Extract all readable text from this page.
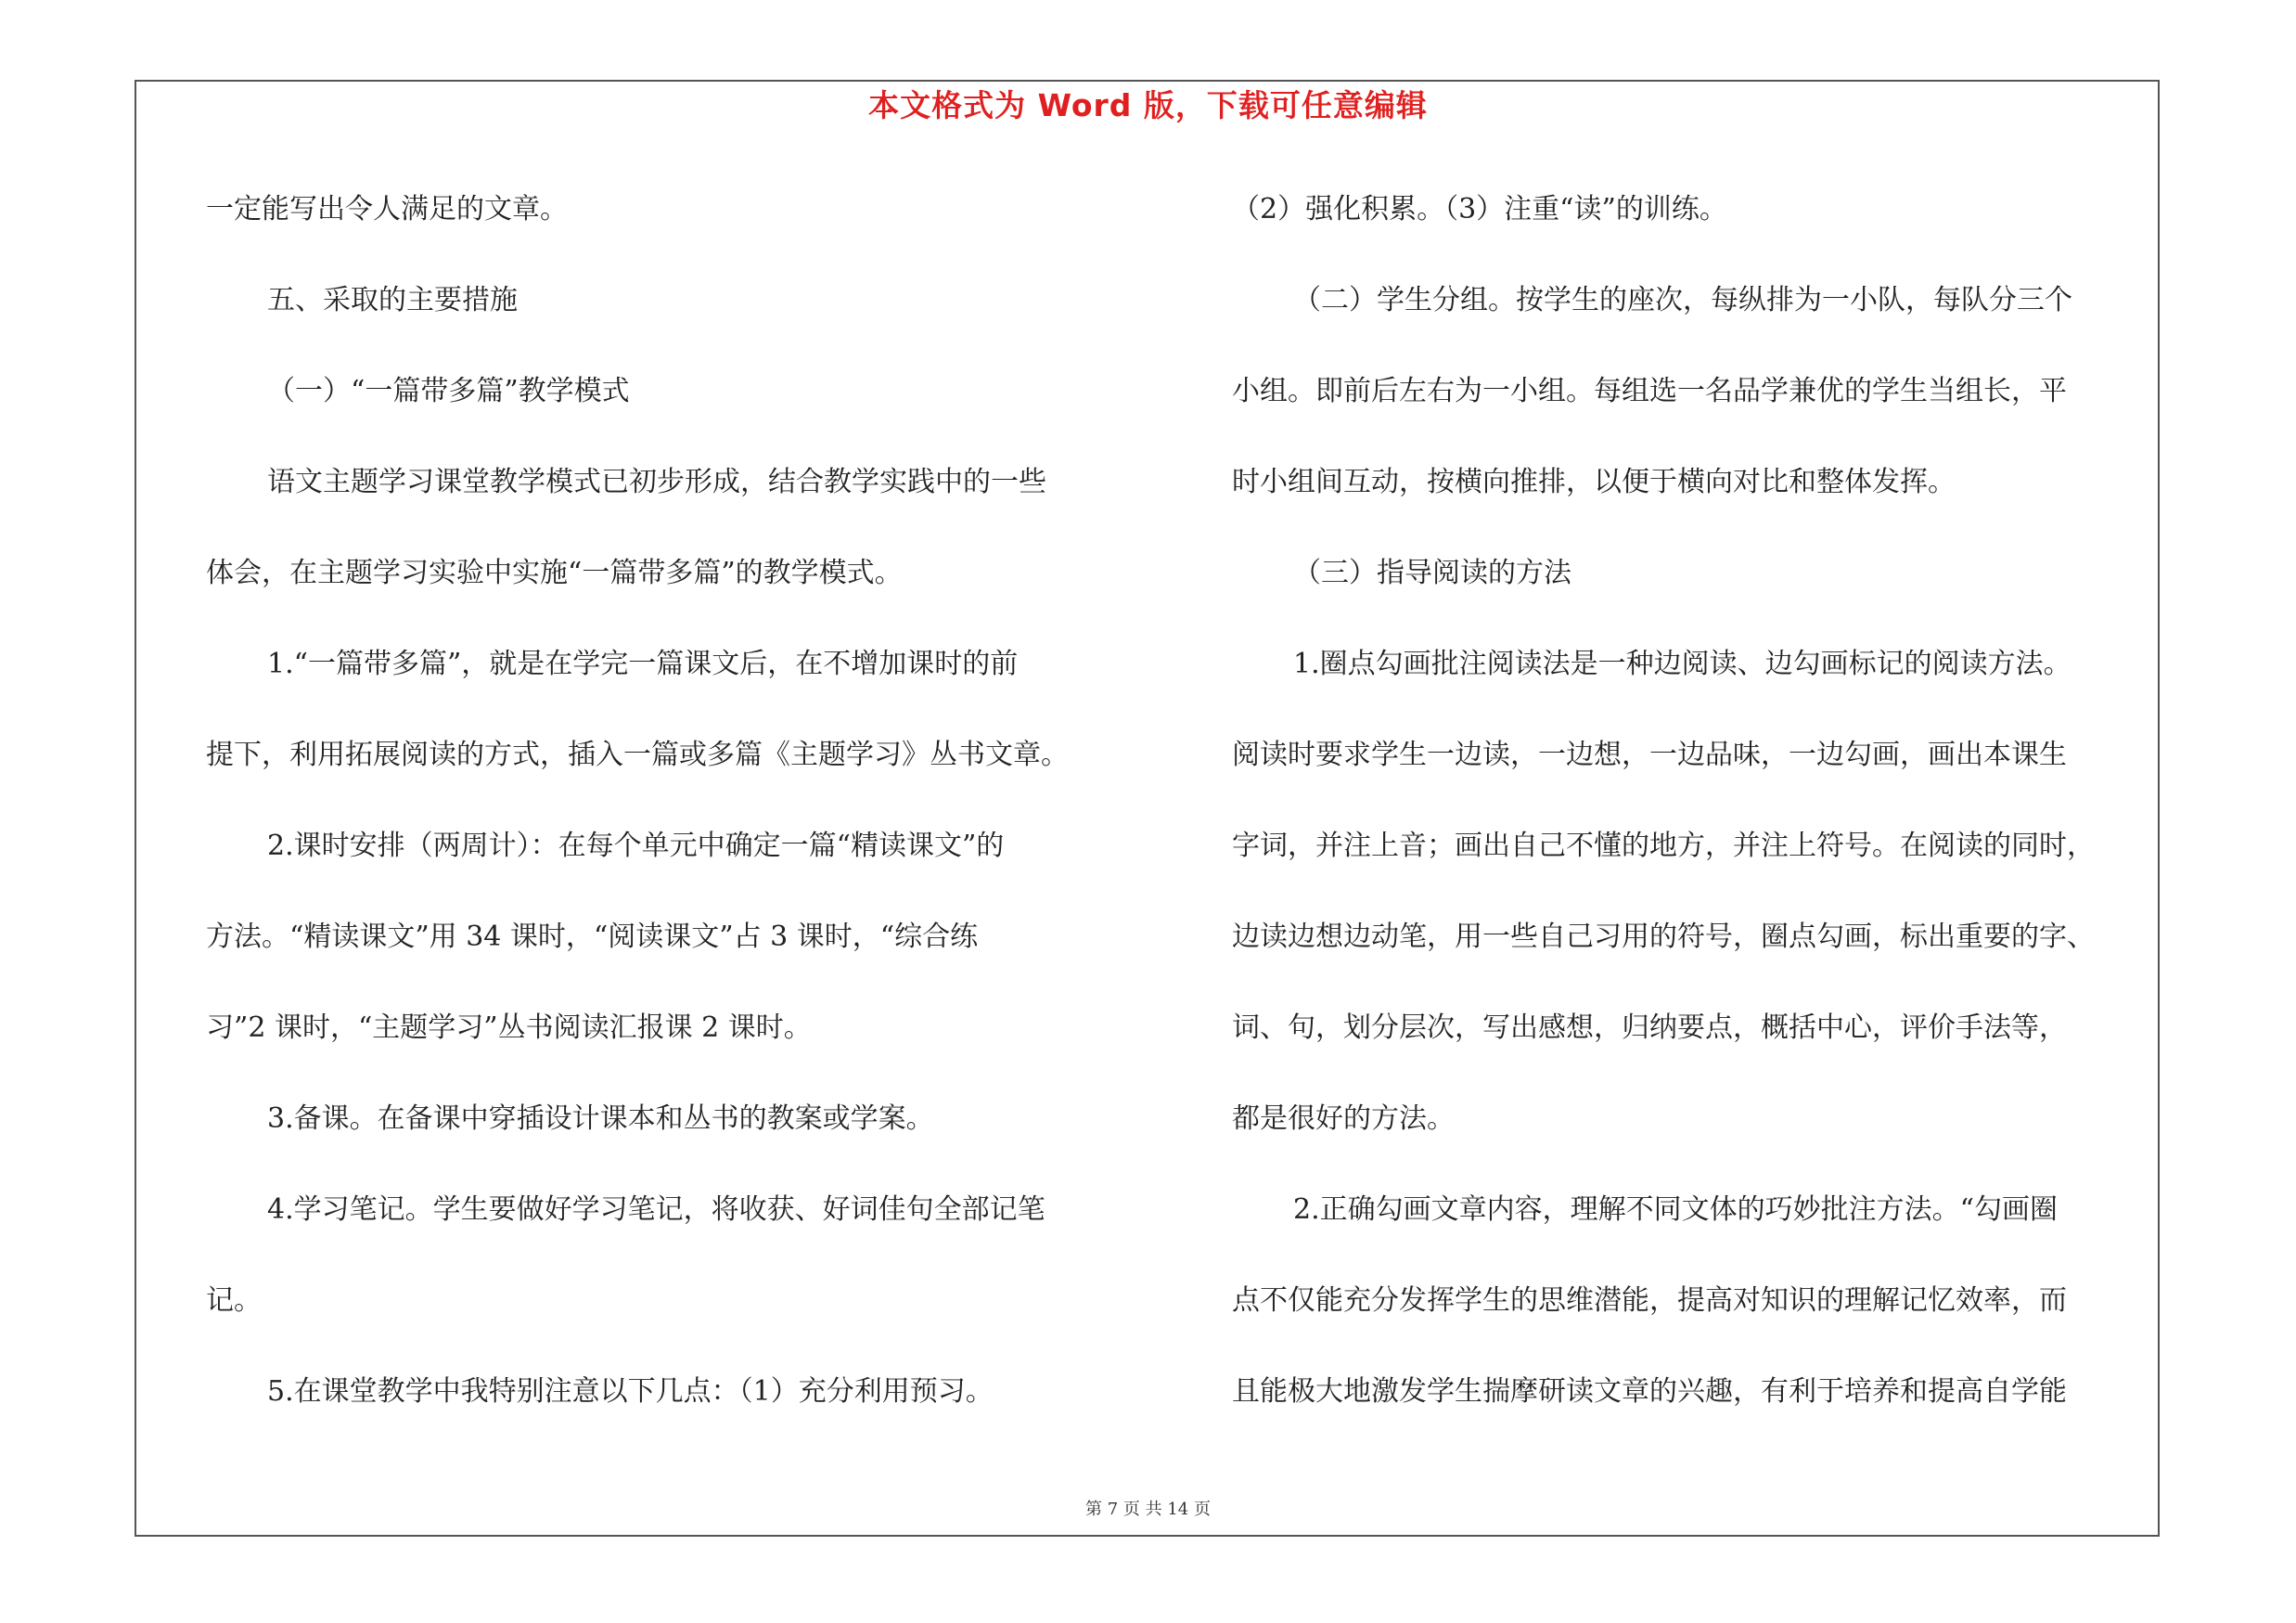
本文格式为 Word 版，下载可任意编辑
一定能写出令人满足的文章。
五、采取的主要措施
（一）“一篇带多篇”教学模式
语文主题学习课堂教学模式已初步形成，结合教学实践中的一些
体会，在主题学习实验中实施“一篇带多篇”的教学模式。
1.“一篇带多篇”，就是在学完一篇课文后，在不增加课时的前
提下，利用拓展阅读的方式，插入一篇或多篇《主题学习》丛书文章。
2.课时安排（两周计）：在每个单元中确定一篇“精读课文”的
方法。“精读课文”用 34 课时，“阅读课文”占 3 课时，“综合练
习”2 课时，“主题学习”丛书阅读汇报课 2 课时。
3.备课。在备课中穿插设计课本和丛书的教案或学案。
4.学习笔记。学生要做好学习笔记，将收获、好词佳句全部记笔
记。
5.在课堂教学中我特别注意以下几点：（1）充分利用预习。
（2）强化积累。（3）注重“读”的训练。
（二）学生分组。按学生的座次，每纵排为一小队，每队分三个
小组。即前后左右为一小组。每组选一名品学兼优的学生当组长，平
时小组间互动，按横向推排，以便于横向对比和整体发挥。
（三）指导阅读的方法
1.圈点勾画批注阅读法是一种边阅读、边勾画标记的阅读方法。
阅读时要求学生一边读，一边想，一边品味，一边勾画，画出本课生
字词，并注上音；画出自己不懂的地方，并注上符号。在阅读的同时，
边读边想边动笔，用一些自己习用的符号，圈点勾画，标出重要的字、
词、句，划分层次，写出感想，归纳要点，概括中心，评价手法等，
都是很好的方法。
2.正确勾画文章内容，理解不同文体的巧妙批注方法。“勾画圈
点不仅能充分发挥学生的思维潜能，提高对知识的理解记忆效率，而
且能极大地激发学生揣摩研读文章的兴趣，有利于培养和提高自学能
第 7 页 共 14 页
